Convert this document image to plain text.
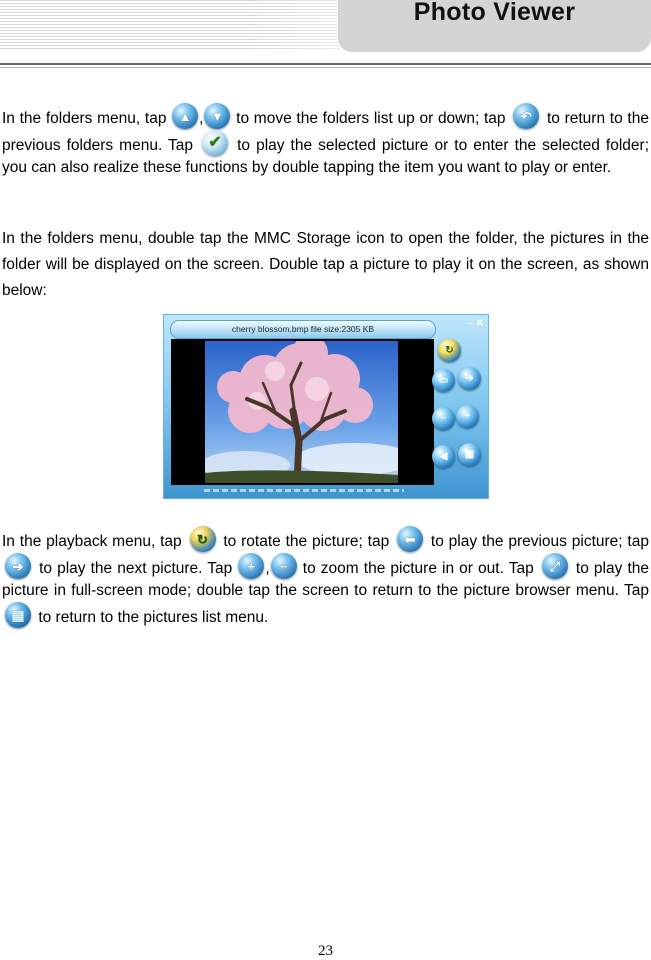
Photo Viewer

In the folders menu, tap ▲ , ▼ to move the folders list up or down; tap	↶ to return to the previous folders menu. Tap ✔ to play the selected picture or to enter the selected folder; you can also realize these functions by double tapping the item you want to play or enter.

In the folders menu, double tap the MMC Storage icon to open the folder, the pictures in the folder will be displayed on the screen. Double tap a picture to play it on the screen, as shown below:

cherry blossom.bmp file size:2305 KB	– ✕
↻
▭	➔
−	+
◀	▦

In the playback menu, tap	↻ to rotate the picture; tap	⬅ to play the previous picture; tap
➔	to play the next picture. Tap	+ , − to zoom the picture in or out. Tap	⤢	to play the picture in full-screen mode; double tap the screen to return to the picture browser menu. Tap
▦ to return to the pictures list menu.

23
